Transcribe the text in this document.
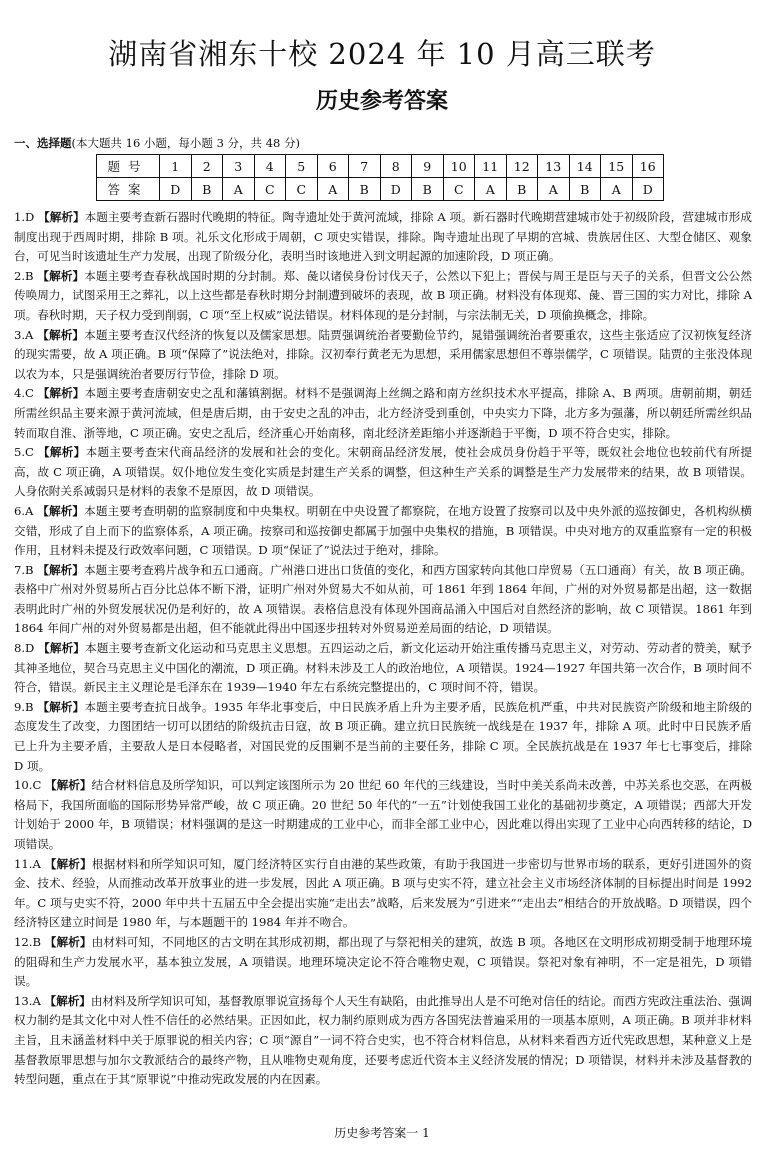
湖南省湘东十校 2024 年 10 月高三联考
历史参考答案
一、选择题(本大题共 16 小题，每小题 3 分，共 48 分)
题号	1	2	3	4	5	6	7	8	9	10	11	12	13	14	15	16
答案	D	B	A	C	C	A	B	D	B	C	A	B	A	B	A	D

1.D 【解析】本题主要考查新石器时代晚期的特征。陶寺遗址处于黄河流域，排除 A 项。新石器时代晚期营建城市处于初级阶段，营建城市形成制度出现于西周时期，排除 B 项。礼乐文化形成于周朝，C 项史实错误，排除。陶寺遗址出现了早期的宫城、贵族居住区、大型仓储区、观象台，可见当时该遗址生产力发展，出现了阶级分化，表明当时该地进入到文明起源的加速阶段，D 项正确。

2.B 【解析】本题主要考查春秋战国时期的分封制。郑、彘以诸侯身份讨伐天子，公然以下犯上；晋侯与周王是臣与天子的关系，但晋文公公然传唤周力，试图采用王之葬礼，以上这些都是春秋时期分封制遭到破坏的表现，故 B 项正确。材料没有体现郑、彘、晋三国的实力对比，排除 A 项。春秋时期，天子权力受到削弱，C 项“至上权威”说法错误。材料体现的是分封制，与宗法制无关，D 项偷换概念，排除。

3.A 【解析】本题主要考查汉代经济的恢复以及儒家思想。陆贾强调统治者要勤俭节约，晁错强调统治者要重农，这些主张适应了汉初恢复经济的现实需要，故 A 项正确。B 项“保障了”说法绝对，排除。汉初奉行黄老无为思想，采用儒家思想但不尊崇儒学，C 项错误。陆贾的主张没体现以农为本，只是强调统治者要厉行节俭，排除 D 项。

4.C 【解析】本题主要考查唐朝安史之乱和藩镇割据。材料不是强调海上丝绸之路和南方丝织技术水平提高，排除 A、B 两项。唐朝前期，朝廷所需丝织品主要来源于黄河流域，但是唐后期，由于安史之乱的冲击，北方经济受到重创，中央实力下降，北方多为强藩，所以朝廷所需丝织品转而取自淮、浙等地，C 项正确。安史之乱后，经济重心开始南移，南北经济差距缩小并逐渐趋于平衡，D 项不符合史实，排除。

5.C 【解析】本题主要考查宋代商品经济的发展和社会的变化。宋朝商品经济发展，使社会成员身份趋于平等，既奴社会地位也较前代有所提高，故 C 项正确，A 项错误。奴仆地位发生变化实质是封建生产关系的调整，但这种生产关系的调整是生产力发展带来的结果，故 B 项错误。人身依附关系减弱只是材料的表象不是原因，故 D 项错误。

6.A 【解析】本题主要考查明朝的监察制度和中央集权。明朝在中央设置了都察院，在地方设置了按察司以及中央外派的巡按御史，各机构纵横交错，形成了自上而下的监察体系，A 项正确。按察司和巡按御史都属于加强中央集权的措施，B 项错误。中央对地方的双重监察有一定的积极作用，且材料未提及行政效率问题，C 项错误。D 项“保证了”说法过于绝对，排除。

7.B 【解析】本题主要考查鸦片战争和五口通商。广州港口进出口货值的变化，和西方国家转向其他口岸贸易（五口通商）有关，故 B 项正确。表格中广州对外贸易所占百分比总体不断下滑，证明广州对外贸易大不如从前，可 1861 年到 1864 年间，广州的对外贸易都是出超，这一数据表明此时广州的外贸发展状况仍是利好的，故 A 项错误。表格信息没有体现外国商品涌入中国后对自然经济的影响，故 C 项错误。1861 年到 1864 年间广州的对外贸易都是出超，但不能就此得出中国逐步扭转对外贸易逆差局面的结论，D 项错误。

8.D 【解析】本题主要考查新文化运动和马克思主义思想。五四运动之后，新文化运动开始注重传播马克思主义，对劳动、劳动者的赞美，赋予其神圣地位，契合马克思主义中国化的潮流，D 项正确。材料未涉及工人的政治地位，A 项错误。1924—1927 年国共第一次合作，B 项时间不符合，错误。新民主主义理论是毛泽东在 1939—1940 年左右系统完整提出的，C 项时间不符，错误。

9.B 【解析】本题主要考查抗日战争。1935 年华北事变后，中日民族矛盾上升为主要矛盾，民族危机严重，中共对民族资产阶级和地主阶级的态度发生了改变，力图团结一切可以团结的阶级抗击日寇，故 B 项正确。建立抗日民族统一战线是在 1937 年，排除 A 项。此时中日民族矛盾已上升为主要矛盾，主要敌人是日本侵略者，对国民党的反围剿不是当前的主要任务，排除 C 项。全民族抗战是在 1937 年七七事变后，排除 D 项。

10.C 【解析】结合材料信息及所学知识，可以判定该图所示为 20 世纪 60 年代的三线建设，当时中美关系尚未改善，中苏关系也交恶，在两极格局下，我国所面临的国际形势异常严峻，故 C 项正确。20 世纪 50 年代的“一五”计划使我国工业化的基础初步奠定，A 项错误；西部大开发计划始于 2000 年，B 项错误；材料强调的是这一时期建成的工业中心，而非全部工业中心，因此难以得出实现了工业中心向西转移的结论，D 项错误。

11.A 【解析】根据材料和所学知识可知，厦门经济特区实行自由港的某些政策，有助于我国进一步密切与世界市场的联系，更好引进国外的资金、技术、经验，从而推动改革开放事业的进一步发展，因此 A 项正确。B 项与史实不符，建立社会主义市场经济体制的目标提出时间是 1992 年。C 项与史实不符，2000 年中共十五届五中全会提出实施“走出去”战略，后来发展为“引进来”“走出去”相结合的开放战略。D 项错误，四个经济特区建立时间是 1980 年，与本题题干的 1984 年并不吻合。

12.B 【解析】由材料可知，不同地区的古文明在其形成初期，都出现了与祭祀相关的建筑，故选 B 项。各地区在文明形成初期受制于地理环境的阻碍和生产力发展水平，基本独立发展，A 项错误。地理环境决定论不符合唯物史观，C 项错误。祭祀对象有神明，不一定是祖先，D 项错误。

13.A 【解析】由材料及所学知识可知，基督教原罪说宣扬每个人天生有缺陷，由此推导出人是不可绝对信任的结论。而西方宪政注重法治、强调权力制约是其文化中对人性不信任的必然结果。正因如此，权力制约原则成为西方各国宪法普遍采用的一项基本原则，A 项正确。B 项并非材料主旨，且未涵盖材料中关于原罪说的相关内容；C 项“源自”一词不符合史实，也不符合材料信息，从材料来看西方近代宪政思想，某种意义上是基督教原罪思想与加尔文教派结合的最终产物，且从唯物史观角度，还要考虑近代资本主义经济发展的情况；D 项错误，材料并未涉及基督教的转型问题，重点在于其“原罪说”中推动宪政发展的内在因素。

历史参考答案一 1
